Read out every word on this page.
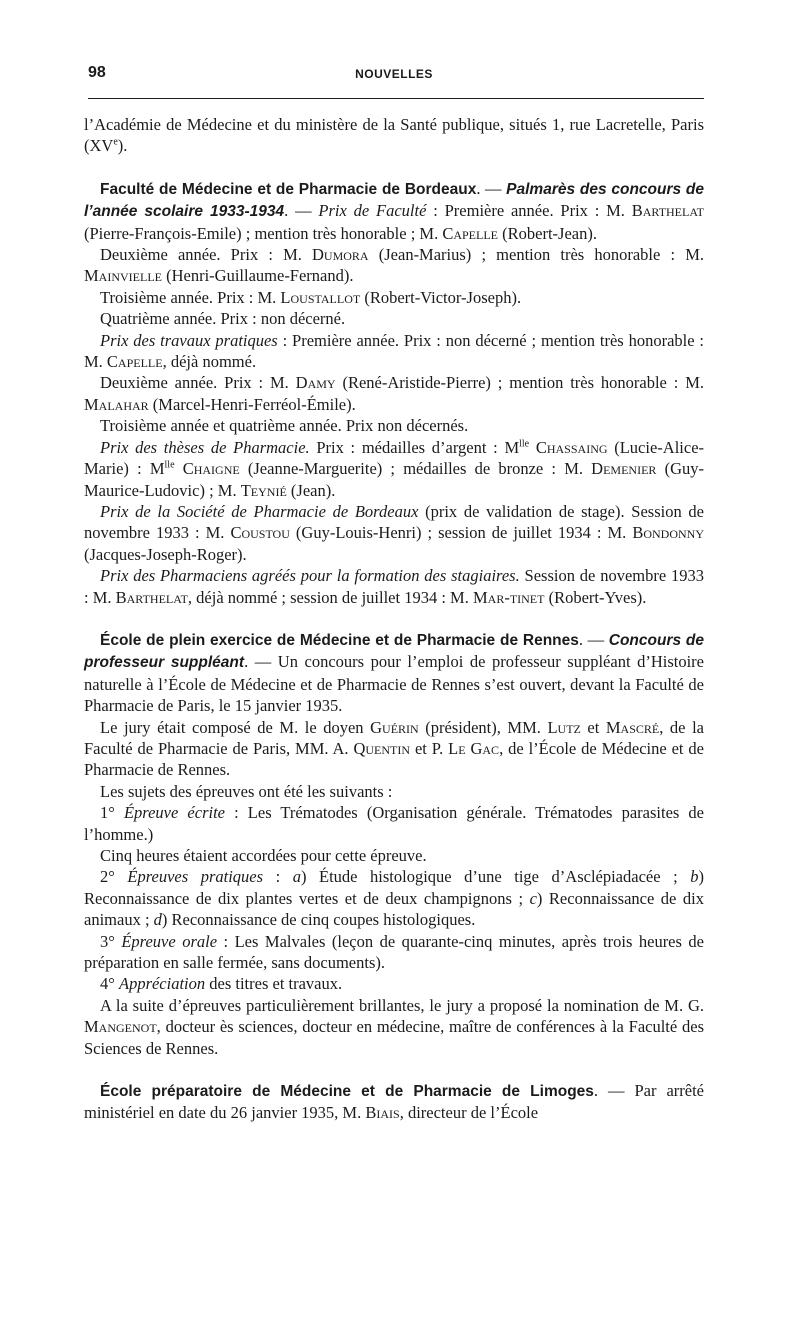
98	NOUVELLES

l’Académie de Médecine et du ministère de la Santé publique, situés 1, rue Lacretelle, Paris (XVe).

Faculté de Médecine et de Pharmacie de Bordeaux. — Palmarès des concours de l’année scolaire 1933-1934. — Prix de Faculté : Première année. Prix : M. Barthelat (Pierre-François-Emile) ; mention très honorable ; M. Capelle (Robert-Jean).

Deuxième année. Prix : M. Dumora (Jean-Marius) ; mention très honorable : M. Mainvielle (Henri-Guillaume-Fernand).

Troisième année. Prix : M. Loustallot (Robert-Victor-Joseph).

Quatrième année. Prix : non décerné.

Prix des travaux pratiques : Première année. Prix : non décerné ; mention très honorable : M. Capelle, déjà nommé.

Deuxième année. Prix : M. Damy (René-Aristide-Pierre) ; mention très honorable : M. Malahar (Marcel-Henri-Ferréol-Émile).

Troisième année et quatrième année. Prix non décernés.

Prix des thèses de Pharmacie. Prix : médailles d’argent : $M^{lle}$ Chassaing (Lucie-Alice-Marie) : $M^{lle}$ Chaigne (Jeanne-Marguerite) ; médailles de bronze : M. Demenier (Guy-Maurice-Ludovic) ; M. Teynié (Jean).

Prix de la Société de Pharmacie de Bordeaux (prix de validation de stage). Session de novembre 1933 : M. Coustou (Guy-Louis-Henri) ; session de juillet 1934 : M. Bondonny (Jacques-Joseph-Roger).

Prix des Pharmaciens agréés pour la formation des stagiaires. Session de novembre 1933 : M. Barthelat, déjà nommé ; session de juillet 1934 : M. Mar-tinet (Robert-Yves).

École de plein exercice de Médecine et de Pharmacie de Rennes. — Concours de professeur suppléant. — Un concours pour l’emploi de professeur suppléant d’Histoire naturelle à l’École de Médecine et de Pharmacie de Rennes s’est ouvert, devant la Faculté de Pharmacie de Paris, le 15 janvier 1935.

Le jury était composé de M. le doyen Guérin (président), MM. Lutz et Mascré, de la Faculté de Pharmacie de Paris, MM. A. Quentin et P. Le Gac, de l’École de Médecine et de Pharmacie de Rennes.

Les sujets des épreuves ont été les suivants :

1° Épreuve écrite : Les Trématodes (Organisation générale. Trématodes parasites de l’homme.)

Cinq heures étaient accordées pour cette épreuve.

2° Épreuves pratiques : a) Étude histologique d’une tige d’Asclépiadacée ; b) Reconnaissance de dix plantes vertes et de deux champignons ; c) Reconnaissance de dix animaux ; d) Reconnaissance de cinq coupes histologiques.

3° Épreuve orale : Les Malvales (leçon de quarante-cinq minutes, après trois heures de préparation en salle fermée, sans documents).

4° Appréciation des titres et travaux.

A la suite d’épreuves particulièrement brillantes, le jury a proposé la nomination de M. G. Mangenot, docteur ès sciences, docteur en médecine, maître de conférences à la Faculté des Sciences de Rennes.

École préparatoire de Médecine et de Pharmacie de Limoges. — Par arrêté ministériel en date du 26 janvier 1935, M. Biais, directeur de l’École
